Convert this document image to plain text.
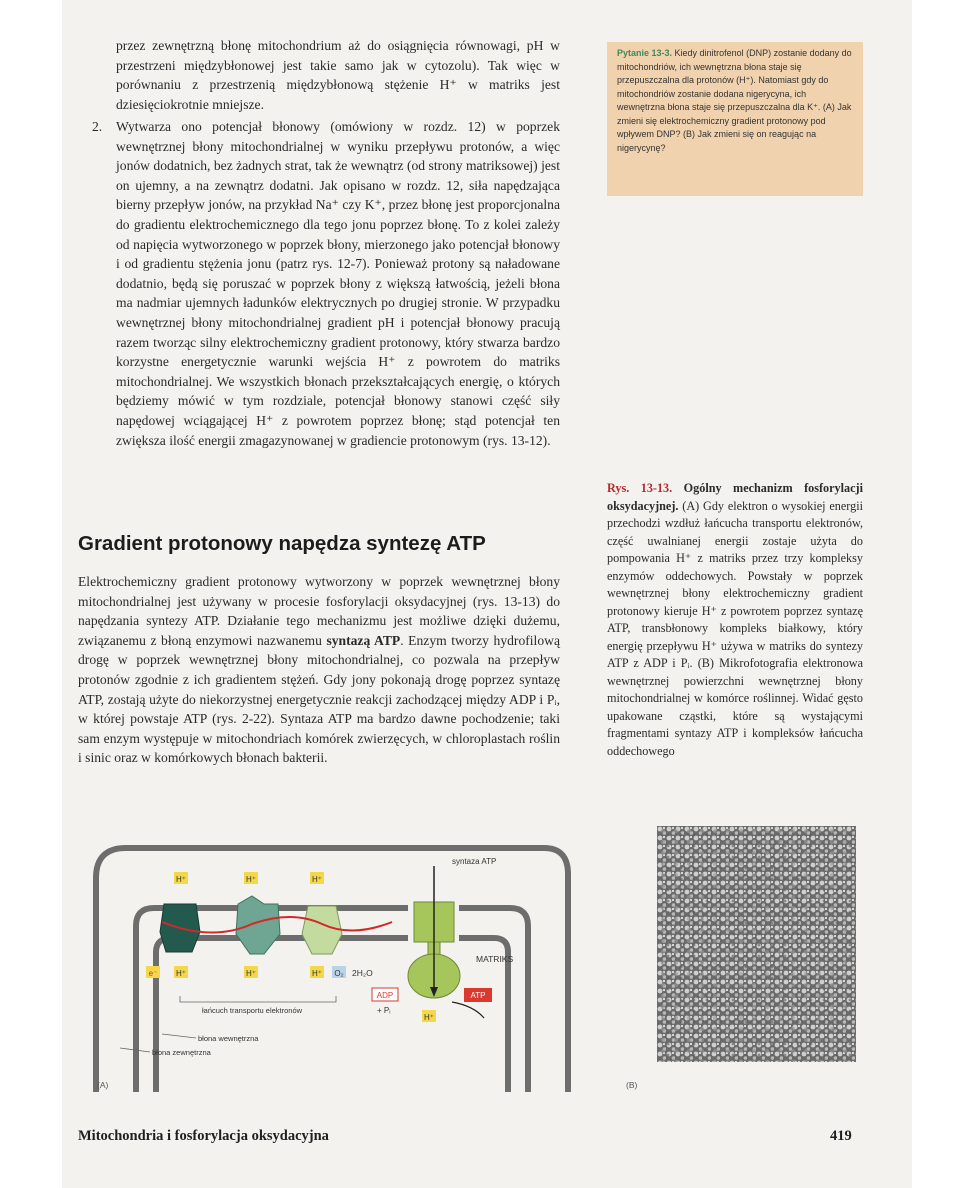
przez zewnętrzną błonę mitochondrium aż do osiągnięcia równowagi, pH w przestrzeni międzybłonowej jest takie samo jak w cytozolu). Tak więc w porównaniu z przestrzenią międzybłonową stężenie H⁺ w matriks jest dziesięciokrotnie mniejsze.

2.	Wytwarza ono potencjał błonowy (omówiony w rozdz. 12) w poprzek wewnętrznej błony mitochondrialnej w wyniku przepływu protonów, a więc jonów dodatnich, bez żadnych strat, tak że wewnątrz (od strony matriksowej) jest on ujemny, a na zewnątrz dodatni. Jak opisano w rozdz. 12, siła napędzająca bierny przepływ jonów, na przykład Na⁺ czy K⁺, przez błonę jest proporcjonalna do gradientu elektrochemicznego dla tego jonu poprzez błonę. To z kolei zależy od napięcia wytworzonego w poprzek błony, mierzonego jako potencjał błonowy i od gradientu stężenia jonu (patrz rys. 12-7). Ponieważ protony są naładowane dodatnio, będą się poruszać w poprzek błony z większą łatwością, jeżeli błona ma nadmiar ujemnych ładunków elektrycznych po drugiej stronie. W przypadku wewnętrznej błony mitochondrialnej gradient pH i potencjał błonowy pracują razem tworząc silny elektrochemiczny gradient protonowy, który stwarza bardzo korzystne energetycznie warunki wejścia H⁺ z powrotem do matriks mitochondrialnej. We wszystkich błonach przekształcających energię, o których będziemy mówić w tym rozdziale, potencjał błonowy stanowi część siły napędowej wciągającej H⁺ z powrotem poprzez błonę; stąd potencjał ten zwiększa ilość energii zmagazynowanej w gradiencie protonowym (rys. 13-12).

Gradient protonowy napędza syntezę ATP

Elektrochemiczny gradient protonowy wytworzony w poprzek wewnętrznej błony mitochondrialnej jest używany w procesie fosforylacji oksydacyjnej (rys. 13-13) do napędzania syntezy ATP. Działanie tego mechanizmu jest możliwe dzięki dużemu, związanemu z błoną enzymowi nazwanemu syntazą ATP. Enzym tworzy hydrofilową drogę w poprzek wewnętrznej błony mitochondrialnej, co pozwala na przepływ protonów zgodnie z ich gradientem stężeń. Gdy jony pokonają drogę poprzez syntazę ATP, zostają użyte do niekorzystnej energetycznie reakcji zachodzącej między ADP i Pᵢ, w której powstaje ATP (rys. 2-22). Syntaza ATP ma bardzo dawne pochodzenie; taki sam enzym występuje w mitochondriach komórek zwierzęcych, w chloroplastach roślin i sinic oraz w komórkowych błonach bakterii.

Pytanie 13-3. Kiedy dinitrofenol (DNP) zostanie dodany do mitochondriów, ich wewnętrzna błona staje się przepuszczalna dla protonów (H⁺). Natomiast gdy do mitochondriów zostanie dodana nigerycyna, ich wewnętrzna błona staje się przepuszczalna dla K⁺. (A) Jak zmieni się elektrochemiczny gradient protonowy pod wpływem DNP? (B) Jak zmieni się on reagując na nigerycynę?
Rys. 13-13. Ogólny mechanizm fosforylacji oksydacyjnej. (A) Gdy elektron o wysokiej energii przechodzi wzdłuż łańcucha transportu elektronów, część uwalnianej energii zostaje użyta do pompowania H⁺ z matriks przez trzy kompleksy enzymów oddechowych. Powstały w poprzek wewnętrznej błony elektrochemiczny gradient protonowy kieruje H⁺ z powrotem poprzez syntazę ATP, transbłonowy kompleks białkowy, który energię przepływu H⁺ używa w matriks do syntezy ATP z ADP i Pᵢ. (B) Mikrofotografia elektronowa wewnętrznej powierzchni wewnętrznej błony mitochondrialnej w komórce roślinnej. Widać gęsto upakowane cząstki, które są wystającymi fragmentami syntazy ATP i kompleksów łańcucha oddechowego
H⁺	H⁺	H⁺
H⁺	H⁺	H⁺
H⁺
e⁻	O₂ 2H₂O
ADP
+ Pᵢ
ATP
syntaza ATP
MATRIKS
łańcuch transportu elektronów
błona wewnętrzna
błona zewnętrzna
(A)	(B)
Mitochondria i fosforylacja oksydacyjna	419
